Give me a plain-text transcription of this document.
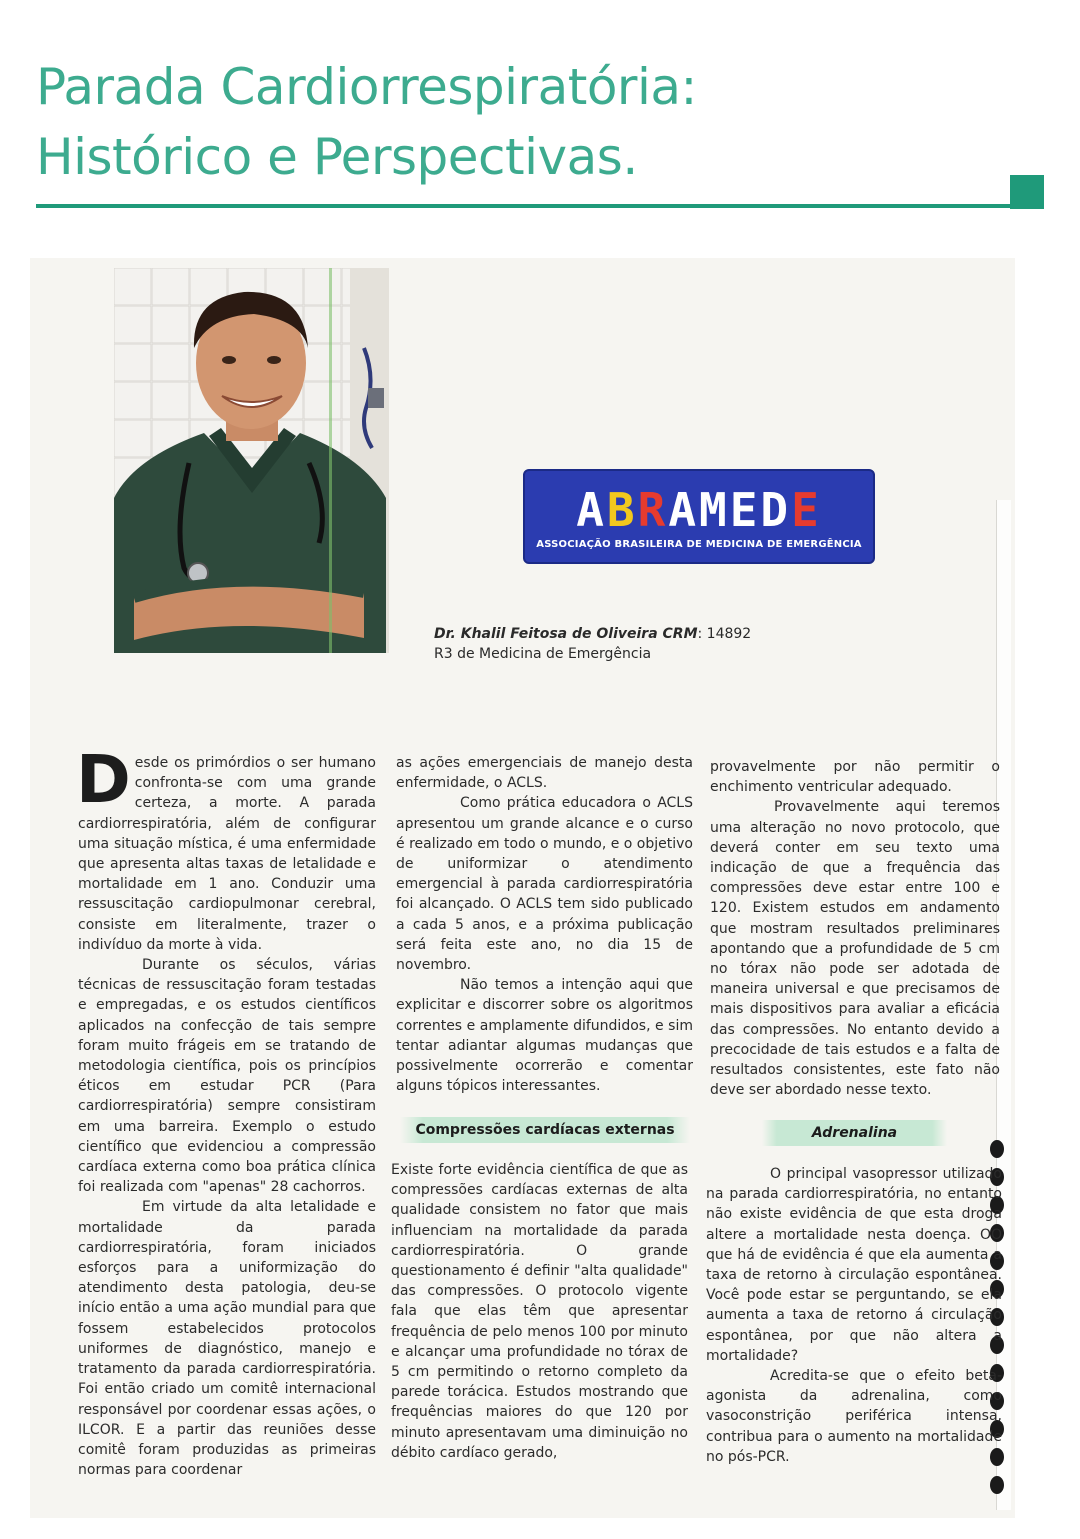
Parada Cardiorrespiratória:
Histórico e Perspectivas.
ABRAMEDE
ASSOCIAÇÃO BRASILEIRA DE MEDICINA DE EMERGÊNCIA
Dr. Khalil Feitosa de Oliveira CRM: 14892
R3 de Medicina de Emergência

Desde os primórdios o ser humano confronta-se com uma grande certeza, a morte. A parada cardiorrespiratória, além de configurar uma situação mística, é uma enfermidade que apresenta altas taxas de letalidade e mortalidade em 1 ano. Conduzir uma ressuscitação cardiopulmonar cerebral, consiste em literalmente, trazer o indivíduo da morte à vida.

Durante os séculos, várias técnicas de ressuscitação foram testadas e empregadas, e os estudos científicos aplicados na confecção de tais sempre foram muito frágeis em se tratando de metodologia científica, pois os princípios éticos em estudar PCR (Para cardiorrespiratória) sempre consistiram em uma barreira. Exemplo o estudo científico que evidenciou a compressão cardíaca externa como boa prática clínica foi realizada com "apenas" 28 cachorros.

Em virtude da alta letalidade e mortalidade da parada cardiorrespiratória, foram iniciados esforços para a uniformização do atendimento desta patologia, deu-se início então a uma ação mundial para que fossem estabelecidos protocolos uniformes de diagnóstico, manejo e tratamento da parada cardiorrespiratória. Foi então criado um comitê internacional responsável por coordenar essas ações, o ILCOR. E a partir das reuniões desse comitê foram produzidas as primeiras normas para coordenar

as ações emergenciais de manejo desta enfermidade, o ACLS.

Como prática educadora o ACLS apresentou um grande alcance e o curso é realizado em todo o mundo, e o objetivo de uniformizar o atendimento emergencial à parada cardiorrespiratória foi alcançado. O ACLS tem sido publicado a cada 5 anos, e a próxima publicação será feita este ano, no dia 15 de novembro.

Não temos a intenção aqui que explicitar e discorrer sobre os algoritmos correntes e amplamente difundidos, e sim tentar adiantar algumas mudanças que possivelmente ocorrerão e comentar alguns tópicos interessantes.

Compressões cardíacas externas

Existe forte evidência científica de que as compressões cardíacas externas de alta qualidade consistem no fator que mais influenciam na mortalidade da parada cardiorrespiratória. O grande questionamento é definir "alta qualidade" das compressões. O protocolo vigente fala que elas têm que apresentar frequência de pelo menos 100 por minuto e alcançar uma profundidade no tórax de 5 cm permitindo o retorno completo da parede torácica. Estudos mostrando que frequências maiores do que 120 por minuto apresentavam uma diminuição no débito cardíaco gerado,

provavelmente por não permitir o enchimento ventricular adequado.

Provavelmente aqui teremos uma alteração no novo protocolo, que deverá conter em seu texto uma indicação de que a frequência das compressões deve estar entre 100 e 120. Existem estudos em andamento que mostram resultados preliminares apontando que a profundidade de 5 cm no tórax não pode ser adotada de maneira universal e que precisamos de mais dispositivos para avaliar a eficácia das compressões. No entanto devido a precocidade de tais estudos e a falta de resultados consistentes, este fato não deve ser abordado nesse texto.

Adrenalina

O principal vasopressor utilizado na parada cardiorrespiratória, no entanto não existe evidência de que esta droga altere a mortalidade nesta doença. OO que há de evidência é que ela aumenta a taxa de retorno à circulação espontânea. Você pode estar se perguntando, se ela aumenta a taxa de retorno á circulação espontânea, por que não altera a mortalidade?

Acredita-se que o efeito beta-agonista da adrenalina, como vasoconstrição periférica intensa, contribua para o aumento na mortalidade no pós-PCR.
